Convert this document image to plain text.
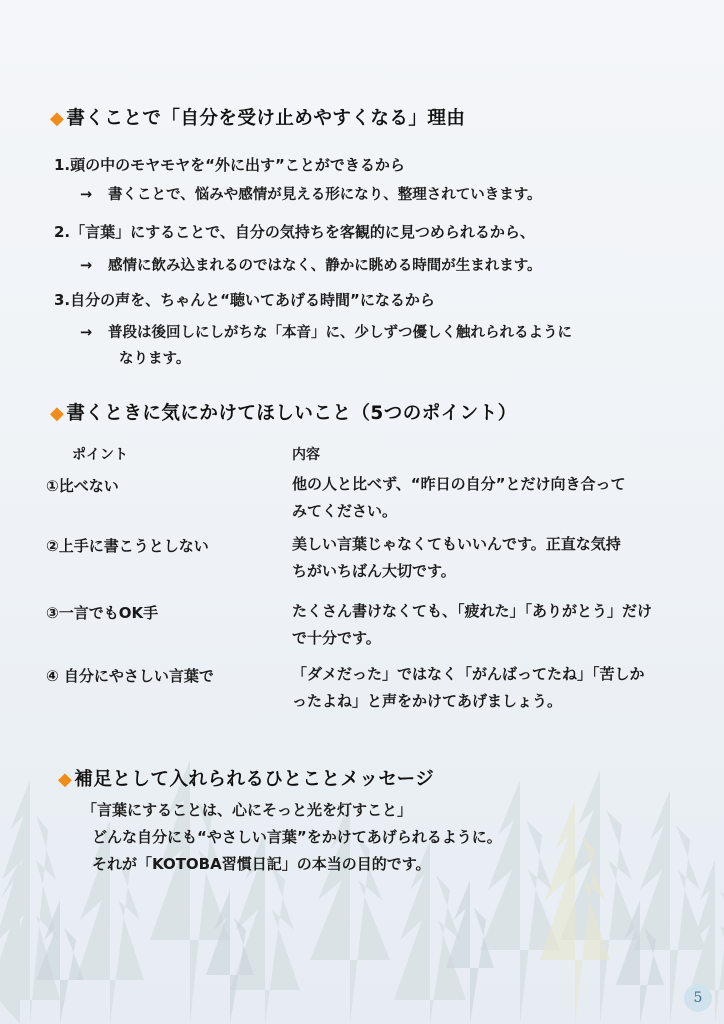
◆ 書くことで「自分を受け止めやすくなる」理由
1.頭の中のモヤモヤを“外に出す”ことができるから
→ 書くことで、悩みや感情が見える形になり、整理されていきます。
2.「言葉」にすることで、自分の気持ちを客観的に見つめられるから、
→ 感情に飲み込まれるのではなく、静かに眺める時間が生まれます。
3.自分の声を、ちゃんと“聴いてあげる時間”になるから
→ 普段は後回しにしがちな「本音」に、少しずつ優しく触れられるように
なります。
◆ 書くときに気にかけてほしいこと（5つのポイント）
ポイント	内容
①比べない	他の人と比べず、“昨日の自分”とだけ向き合って
みてください。
②上手に書こうとしない	美しい言葉じゃなくてもいいんです。正直な気持
ちがいちばん大切です。
③一言でもOK手	たくさん書けなくても、「疲れた」「ありがとう」だけ
で十分です。
④ 自分にやさしい言葉で	「ダメだった」ではなく「がんばってたね」「苦しか
ったよね」と声をかけてあげましょう。
◆ 補足として入れられるひとことメッセージ
「言葉にすることは、心にそっと光を灯すこと」
どんな自分にも“やさしい言葉”をかけてあげられるように。
それが「KOTOBA習慣日記」の本当の目的です。
5
